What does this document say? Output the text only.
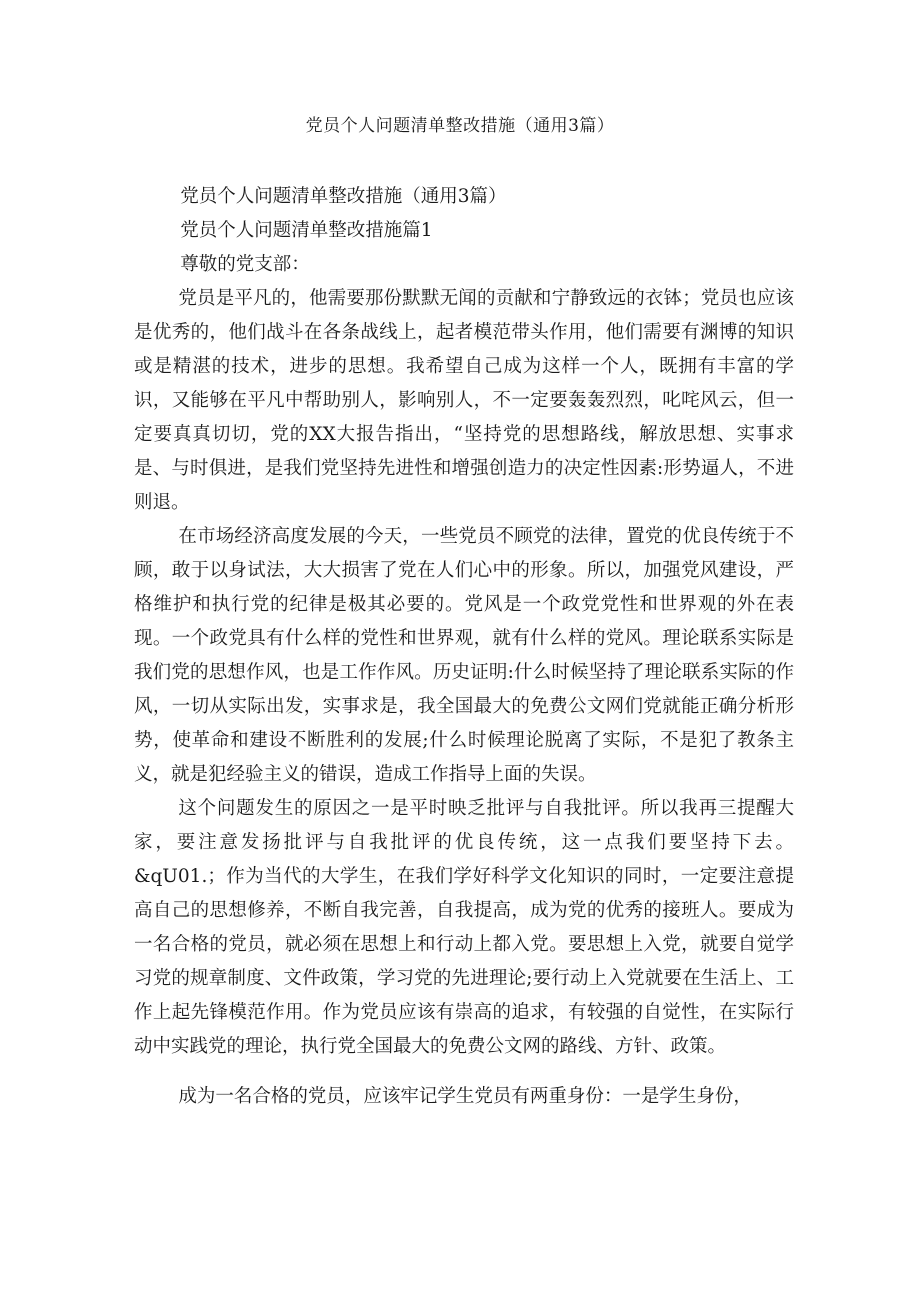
党员个人问题清单整改措施（通用3篇）

党员个人问题清单整改措施（通用3篇）

党员个人问题清单整改措施篇1

尊敬的党支部：

党员是平凡的，他需要那份默默无闻的贡献和宁静致远的衣钵；党员也应该是优秀的，他们战斗在各条战线上，起者模范带头作用，他们需要有渊博的知识或是精湛的技术，进步的思想。我希望自己成为这样一个人，既拥有丰富的学识，又能够在平凡中帮助别人，影响别人，不一定要轰轰烈烈，叱咤风云，但一定要真真切切，党的XX大报告指出，“坚持党的思想路线，解放思想、实事求是、与时俱进，是我们党坚持先进性和增强创造力的决定性因素:形势逼人，不进则退。

在市场经济高度发展的今天，一些党员不顾党的法律，置党的优良传统于不顾，敢于以身试法，大大损害了党在人们心中的形象。所以，加强党风建设，严格维护和执行党的纪律是极其必要的。党风是一个政党党性和世界观的外在表现。一个政党具有什么样的党性和世界观，就有什么样的党风。理论联系实际是我们党的思想作风，也是工作作风。历史证明:什么时候坚持了理论联系实际的作风，一切从实际出发，实事求是，我全国最大的免费公文网们党就能正确分析形势，使革命和建设不断胜利的发展;什么时候理论脱离了实际，不是犯了教条主义，就是犯经验主义的错误，造成工作指导上面的失误。

这个问题发生的原因之一是平时映乏批评与自我批评。所以我再三提醒大家，要注意发扬批评与自我批评的优良传统，这一点我们要坚持下去。&qU01.；作为当代的大学生，在我们学好科学文化知识的同时，一定要注意提高自己的思想修养，不断自我完善，自我提高，成为党的优秀的接班人。要成为一名合格的党员，就必须在思想上和行动上都入党。要思想上入党，就要自觉学习党的规章制度、文件政策，学习党的先进理论;要行动上入党就要在生活上、工作上起先锋模范作用。作为党员应该有崇高的追求，有较强的自觉性，在实际行动中实践党的理论，执行党全国最大的免费公文网的路线、方针、政策。

成为一名合格的党员，应该牢记学生党员有两重身份：一是学生身份，
